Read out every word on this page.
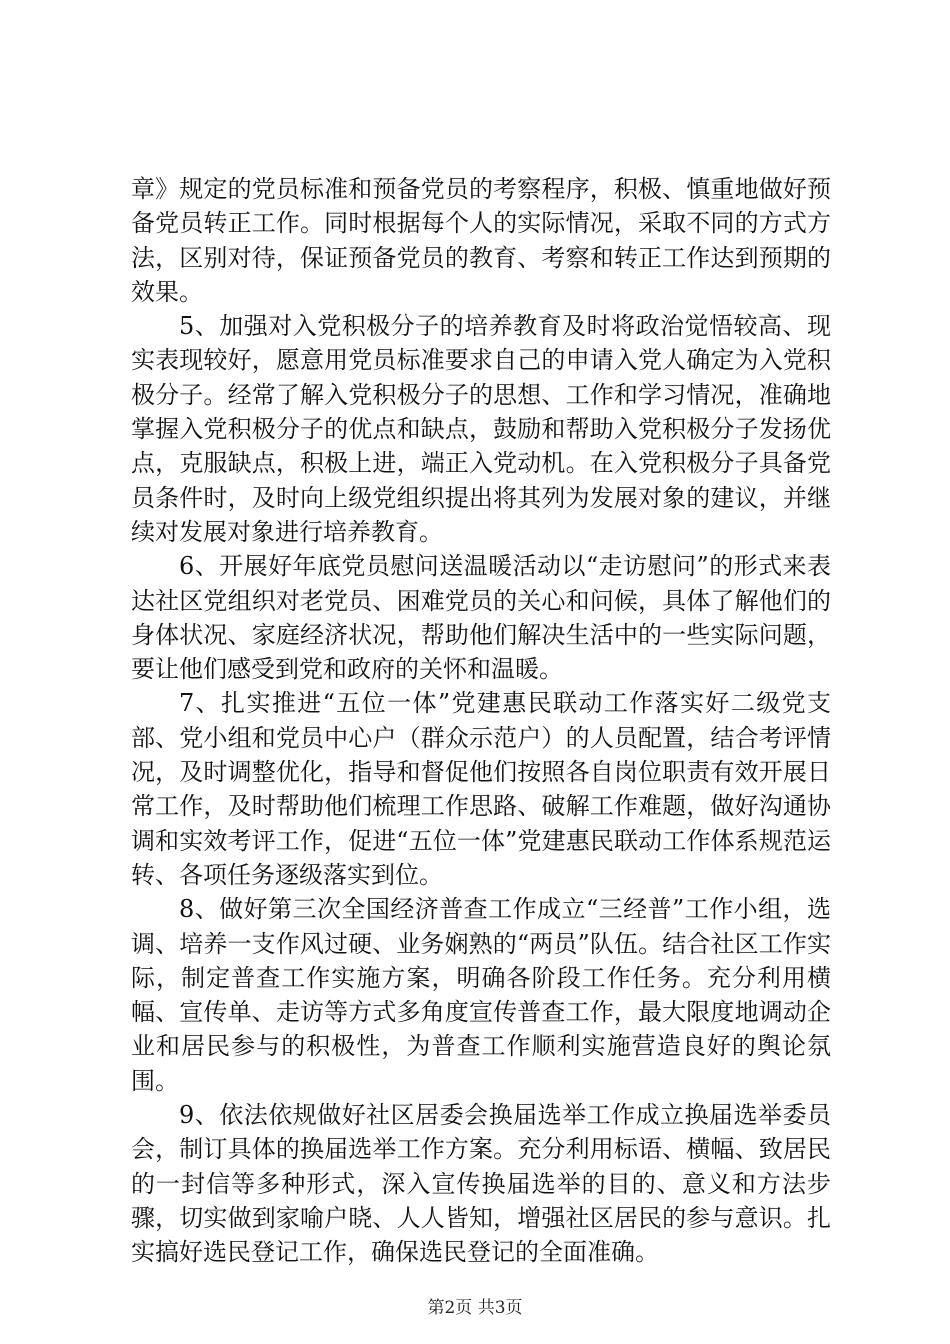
章》规定的党员标准和预备党员的考察程序，积极、慎重地做好预备党员转正工作。同时根据每个人的实际情况，采取不同的方式方法，区别对待，保证预备党员的教育、考察和转正工作达到预期的效果。

5、加强对入党积极分子的培养教育及时将政治觉悟较高、现实表现较好，愿意用党员标准要求自己的申请入党人确定为入党积极分子。经常了解入党积极分子的思想、工作和学习情况，准确地掌握入党积极分子的优点和缺点，鼓励和帮助入党积极分子发扬优点，克服缺点，积极上进，端正入党动机。在入党积极分子具备党员条件时，及时向上级党组织提出将其列为发展对象的建议，并继续对发展对象进行培养教育。

6、开展好年底党员慰问送温暖活动以“走访慰问”的形式来表达社区党组织对老党员、困难党员的关心和问候，具体了解他们的身体状况、家庭经济状况，帮助他们解决生活中的一些实际问题，要让他们感受到党和政府的关怀和温暖。

7、扎实推进“五位一体”党建惠民联动工作落实好二级党支部、党小组和党员中心户（群众示范户）的人员配置，结合考评情况，及时调整优化，指导和督促他们按照各自岗位职责有效开展日常工作，及时帮助他们梳理工作思路、破解工作难题，做好沟通协调和实效考评工作，促进“五位一体”党建惠民联动工作体系规范运转、各项任务逐级落实到位。

8、做好第三次全国经济普查工作成立“三经普”工作小组，选调、培养一支作风过硬、业务娴熟的“两员”队伍。结合社区工作实际，制定普查工作实施方案，明确各阶段工作任务。充分利用横幅、宣传单、走访等方式多角度宣传普查工作，最大限度地调动企业和居民参与的积极性，为普查工作顺利实施营造良好的舆论氛围。

9、依法依规做好社区居委会换届选举工作成立换届选举委员会，制订具体的换届选举工作方案。充分利用标语、横幅、致居民的一封信等多种形式，深入宣传换届选举的目的、意义和方法步骤，切实做到家喻户晓、人人皆知，增强社区居民的参与意识。扎实搞好选民登记工作，确保选民登记的全面准确。

第2页 共3页
